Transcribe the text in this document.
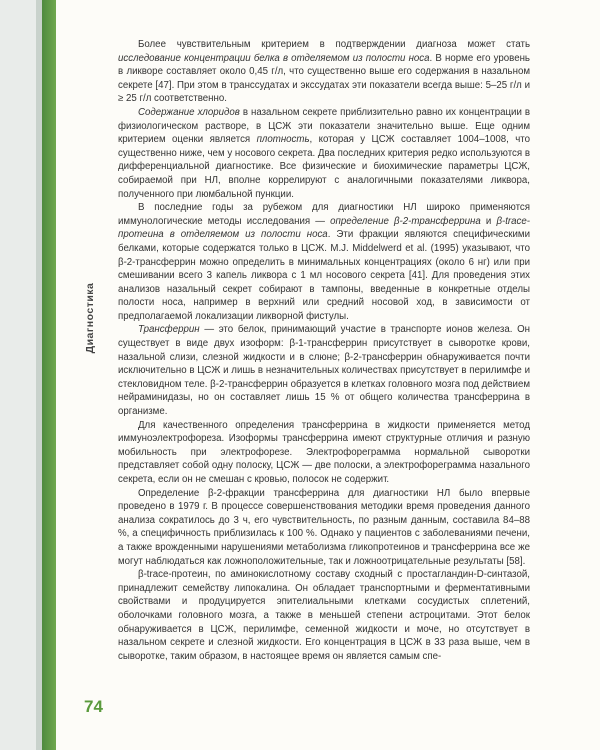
Диагностика

Более чувствительным критерием в подтверждении диагноза может стать исследование концентрации белка в отделяемом из полости носа. В норме его уровень в ликворе составляет около 0,45 г/л, что существенно выше его содержания в назальном секрете [47]. При этом в транссудатах и экссудатах эти показатели всегда выше: 5–25 г/л и ≥ 25 г/л соответственно.

Содержание хлоридов в назальном секрете приблизительно равно их концентрации в физиологическом растворе, в ЦСЖ эти показатели значительно выше. Еще одним критерием оценки является плотность, которая у ЦСЖ составляет 1004–1008, что существенно ниже, чем у носового секрета. Два последних критерия редко используются в дифференциальной диагностике. Все физические и биохимические параметры ЦСЖ, собираемой при НЛ, вполне коррелируют с аналогичными показателями ликвора, полученного при люмбальной пункции.

В последние годы за рубежом для диагностики НЛ широко применяются иммунологические методы исследования — определение β-2-трансферрина и β-trace-протеина в отделяемом из полости носа. Эти фракции являются специфическими белками, которые содержатся только в ЦСЖ. M.J. Middelwerd et al. (1995) указывают, что β-2-трансферрин можно определить в минимальных концентрациях (около 6 нг) или при смешивании всего 3 капель ликвора с 1 мл носового секрета [41]. Для проведения этих анализов назальный секрет собирают в тампоны, введенные в конкретные отделы полости носа, например в верхний или средний носовой ход, в зависимости от предполагаемой локализации ликворной фистулы.

Трансферрин — это белок, принимающий участие в транспорте ионов железа. Он существует в виде двух изоформ: β-1-трансферрин присутствует в сыворотке крови, назальной слизи, слезной жидкости и в слюне; β-2-трансферрин обнаруживается почти исключительно в ЦСЖ и лишь в незначительных количествах присутствует в перилимфе и стекловидном теле. β-2-трансферрин образуется в клетках головного мозга под действием нейраминидазы, но он составляет лишь 15 % от общего количества трансферрина в организме.

Для качественного определения трансферрина в жидкости применяется метод иммуноэлектрофореза. Изоформы трансферрина имеют структурные отличия и разную мобильность при электрофорезе. Электрофореграмма нормальной сыворотки представляет собой одну полоску, ЦСЖ — две полоски, а электрофореграмма назального секрета, если он не смешан с кровью, полосок не содержит.

Определение β-2-фракции трансферрина для диагностики НЛ было впервые проведено в 1979 г. В процессе совершенствования методики время проведения данного анализа сократилось до 3 ч, его чувствительность, по разным данным, составила 84–88 %, а специфичность приблизилась к 100 %. Однако у пациентов с заболеваниями печени, а также врожденными нарушениями метаболизма гликопротеинов и трансферрина все же могут наблюдаться как ложноположительные, так и ложноотрицательные результаты [58].

β-trace-протеин, по аминокислотному составу сходный с простагландин-D-синтазой, принадлежит семейству липокалина. Он обладает транспортными и ферментативными свойствами и продуцируется эпителиальными клетками сосудистых сплетений, оболочками головного мозга, а также в меньшей степени астроцитами. Этот белок обнаруживается в ЦСЖ, перилимфе, семенной жидкости и моче, но отсутствует в назальном секрете и слезной жидкости. Его концентрация в ЦСЖ в 33 раза выше, чем в сыворотке, таким образом, в настоящее время он является самым спе-

74
